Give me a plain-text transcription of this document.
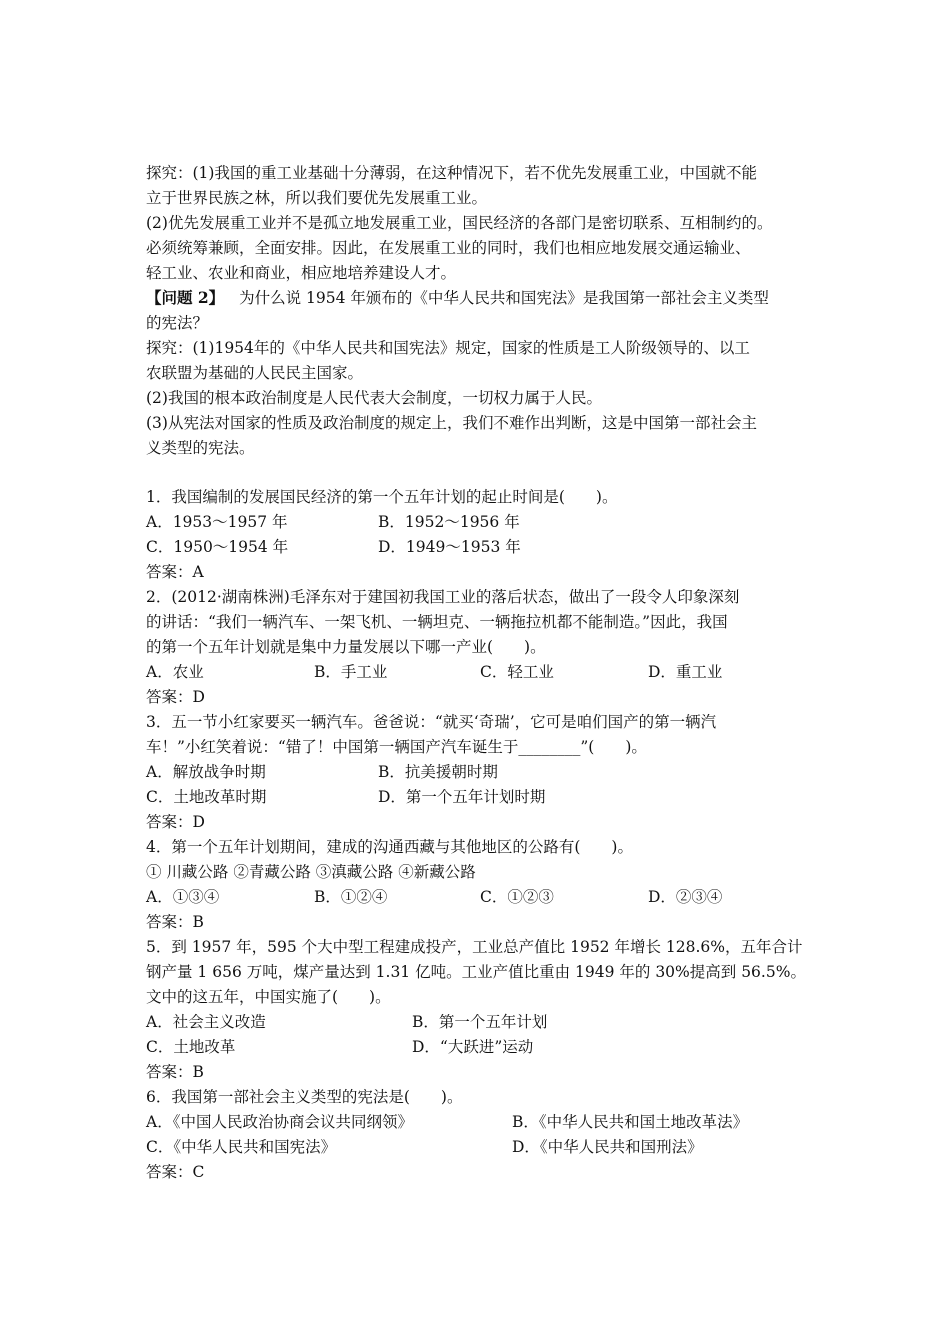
探究：(1)我国的重工业基础十分薄弱，在这种情况下，若不优先发展重工业，中国就不能
立于世界民族之林，所以我们要优先发展重工业。
(2)优先发展重工业并不是孤立地发展重工业，国民经济的各部门是密切联系、互相制约的。
必须统筹兼顾，全面安排。因此，在发展重工业的同时，我们也相应地发展交通运输业、
轻工业、农业和商业，相应地培养建设人才。
【问题 2】 为什么说 1954 年颁布的《中华人民共和国宪法》是我国第一部社会主义类型
的宪法？
探究：(1)1954年的《中华人民共和国宪法》规定，国家的性质是工人阶级领导的、以工
农联盟为基础的人民民主国家。
(2)我国的根本政治制度是人民代表大会制度，一切权力属于人民。
(3)从宪法对国家的性质及政治制度的规定上，我们不难作出判断，这是中国第一部社会主
义类型的宪法。
1．我国编制的发展国民经济的第一个五年计划的起止时间是(　　)。
A．1953～1957 年	B．1952～1956 年
C．1950～1954 年	D．1949～1953 年
答案：A
2．(2012·湖南株洲)毛泽东对于建国初我国工业的落后状态，做出了一段令人印象深刻
的讲话：“我们一辆汽车、一架飞机、一辆坦克、一辆拖拉机都不能制造。”因此，我国
的第一个五年计划就是集中力量发展以下哪一产业(　　)。
A．农业	B．手工业	C．轻工业	D．重工业
答案：D
3．五一节小红家要买一辆汽车。爸爸说：“就买‘奇瑞’，它可是咱们国产的第一辆汽
车！”小红笑着说：“错了！中国第一辆国产汽车诞生于________”(　　)。
A．解放战争时期	B．抗美援朝时期
C．土地改革时期	D．第一个五年计划时期
答案：D
4．第一个五年计划期间，建成的沟通西藏与其他地区的公路有(　　)。
① 川藏公路 ②青藏公路 ③滇藏公路 ④新藏公路
A．①③④	B．①②④	C．①②③	D．②③④
答案：B
5．到 1957 年，595 个大中型工程建成投产，工业总产值比 1952 年增长 128.6%，五年合计
钢产量 1 656 万吨，煤产量达到 1.31 亿吨。工业产值比重由 1949 年的 30%提高到 56.5%。
文中的这五年，中国实施了(　　)。
A．社会主义改造	B．第一个五年计划
C．土地改革	D．“大跃进”运动
答案：B
6．我国第一部社会主义类型的宪法是(　　)。
A．《中国人民政治协商会议共同纲领》	B．《中华人民共和国土地改革法》
C．《中华人民共和国宪法》	D．《中华人民共和国刑法》
答案：C
